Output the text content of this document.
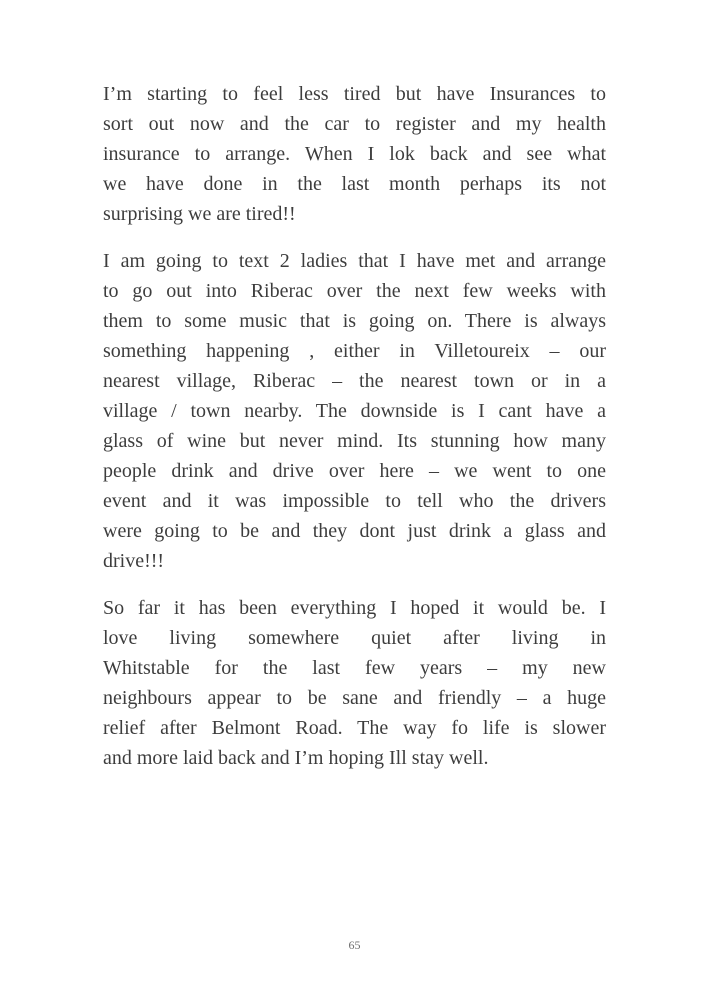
I’m starting to feel less tired but have Insurances to
sort out now and the car to register and my health
insurance to arrange. When I lok back and see what
we have done in the last month perhaps its not
surprising we are tired!!
I am going to text 2 ladies that I have met and arrange
to go out into Riberac over the next few weeks with
them to some music that is going on. There is always
something happening , either in Villetoureix – our
nearest village, Riberac – the nearest town or in a
village / town nearby. The downside is I cant have a
glass of wine but never mind. Its stunning how many
people drink and drive over here – we went to one
event and it was impossible to tell who the drivers
were going to be and they dont just drink a glass and
drive!!!
So far it has been everything I hoped it would be. I
love living somewhere quiet after living in
Whitstable for the last few years – my new
neighbours appear to be sane and friendly – a huge
relief after Belmont Road. The way fo life is slower
and more laid back and I’m hoping Ill stay well.
65
